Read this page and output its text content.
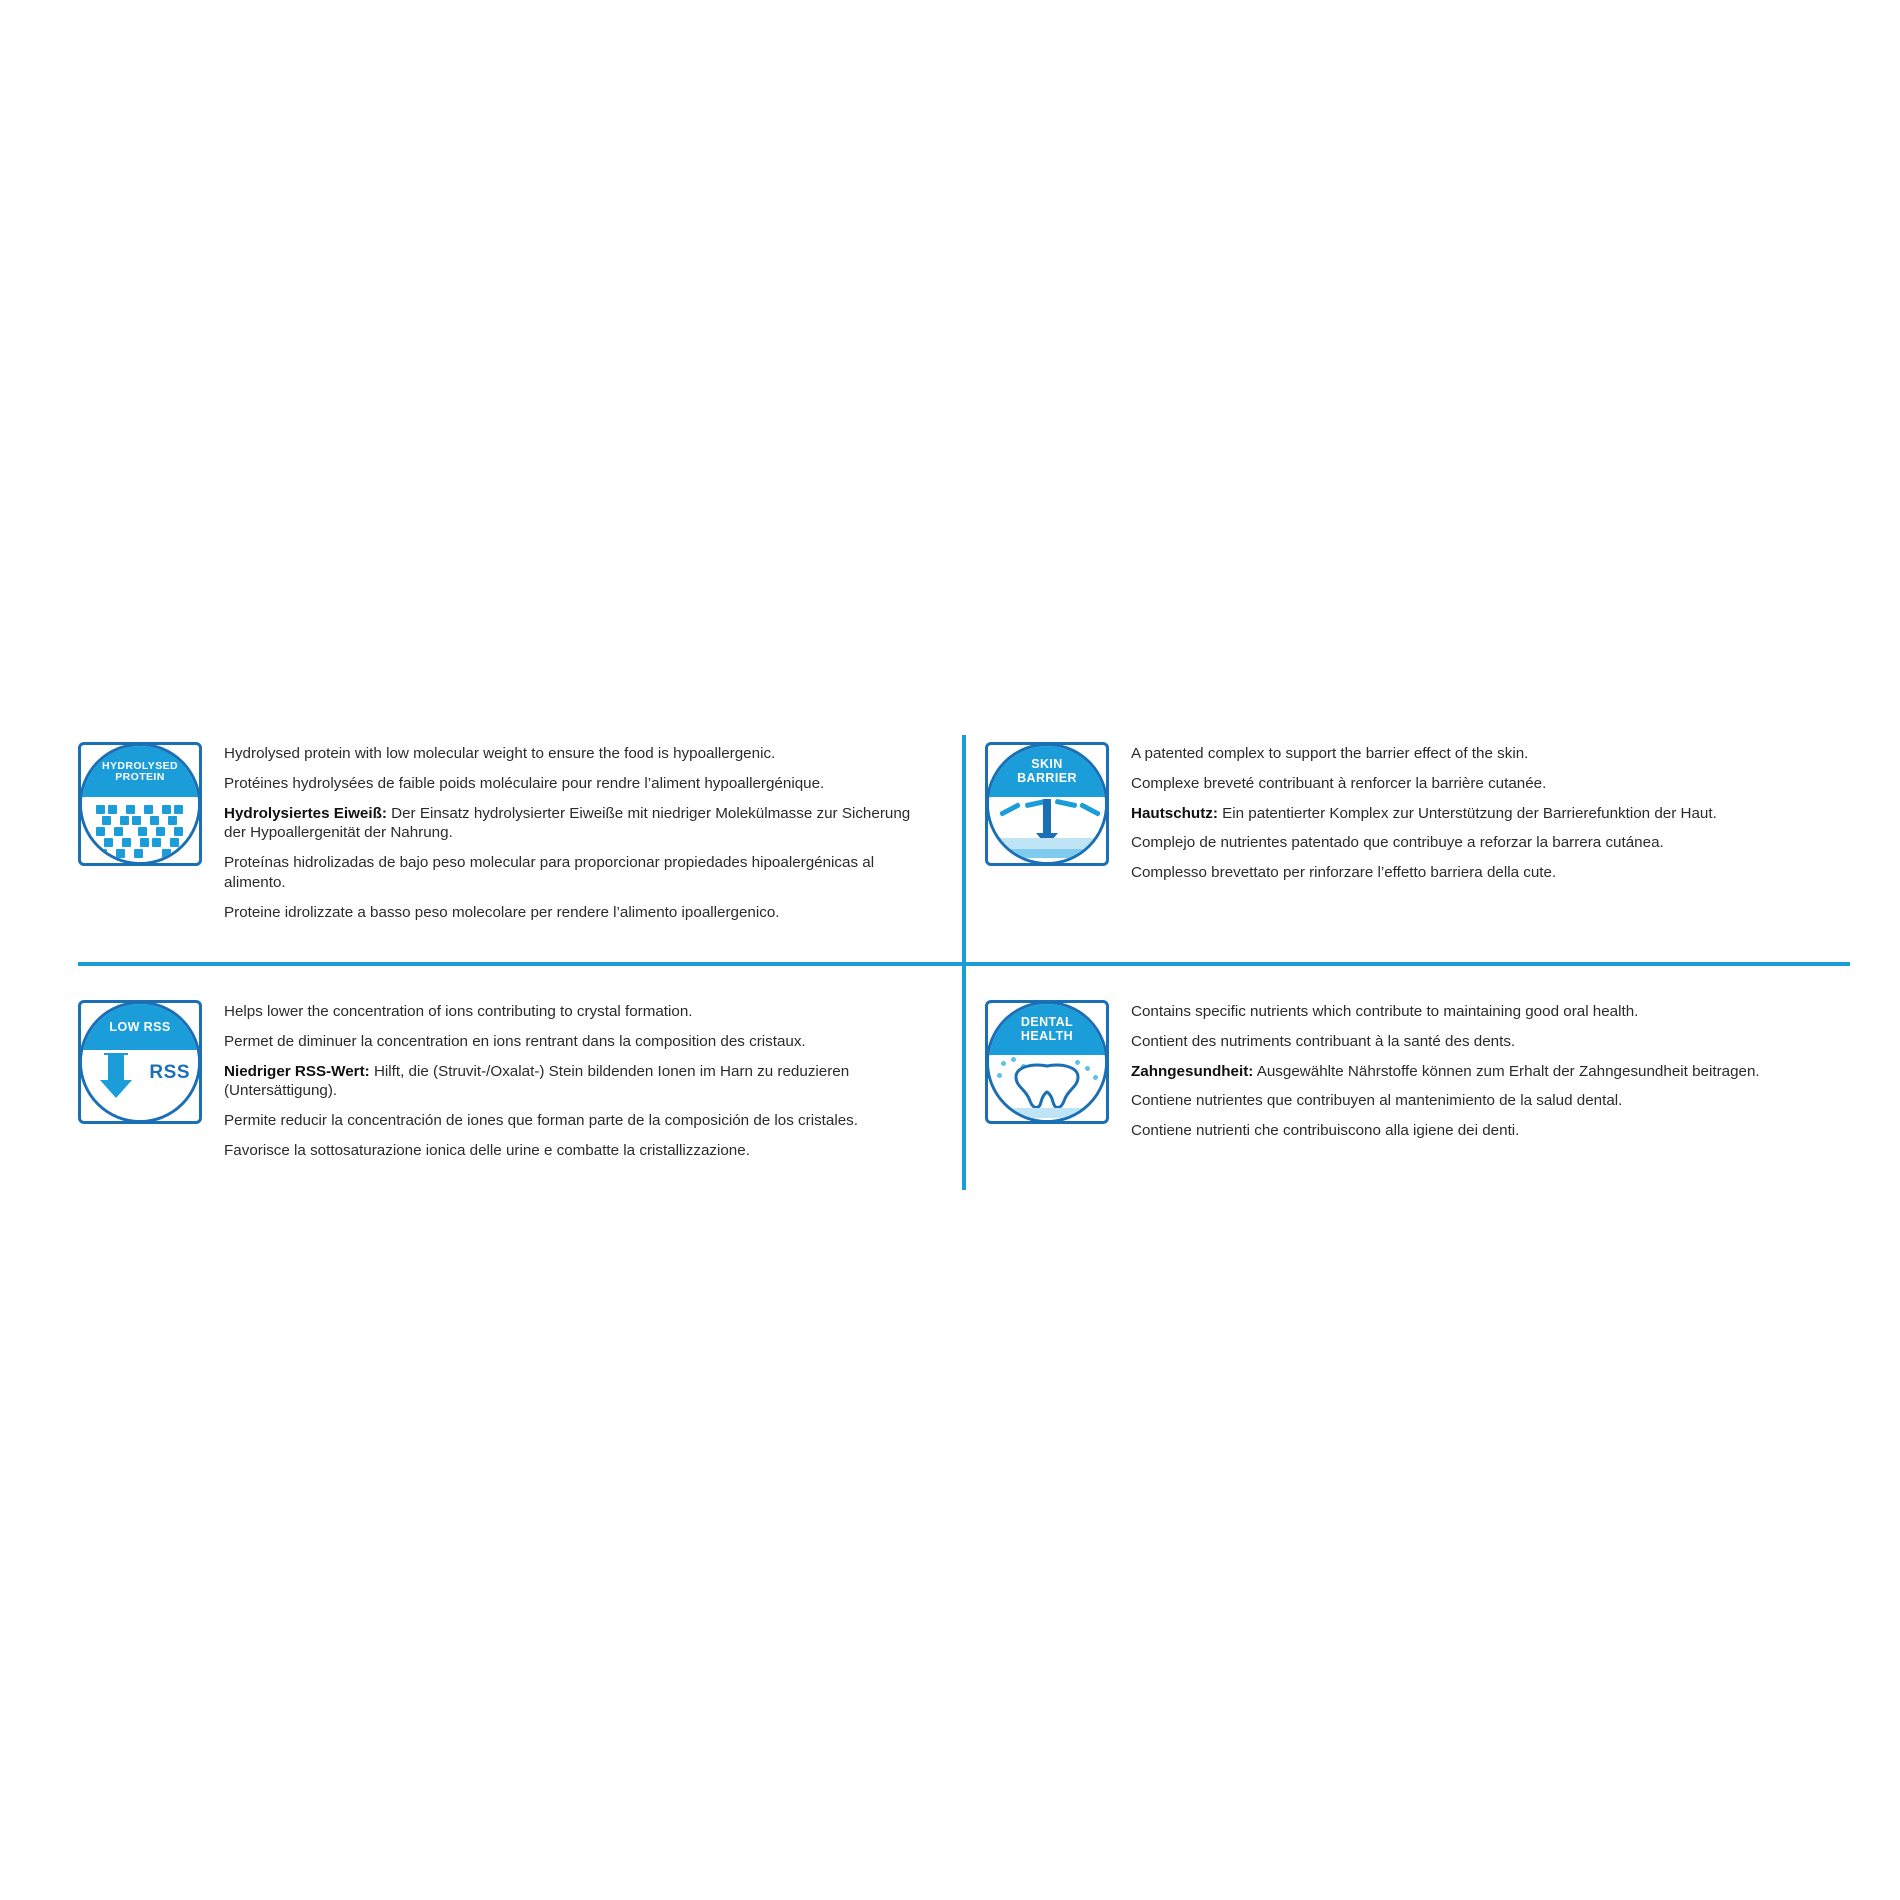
HYDROLYSED
PROTEIN
Hydrolysed protein with low molecular weight to ensure the food is hypoallergenic.
Protéines hydrolysées de faible poids moléculaire pour rendre l’aliment hypoallergénique.
Hydrolysiertes Eiweiß: Der Einsatz hydrolysierter Eiweiße mit niedriger Molekülmasse zur Sicherung der Hypoallergenität der Nahrung.
Proteínas hidrolizadas de bajo peso molecular para proporcionar propiedades hipoalergénicas al alimento.
Proteine idrolizzate a basso peso molecolare per rendere l’alimento ipoallergenico.
SKIN
BARRIER
A patented complex to support the barrier effect of the skin.
Complexe breveté contribuant à renforcer la barrière cutanée.
Hautschutz: Ein patentierter Komplex zur Unterstützung der Barrierefunktion der Haut.
Complejo de nutrientes patentado que contribuye a reforzar la barrera cutánea.
Complesso brevettato per rinforzare l’effetto barriera della cute.
LOW RSS
RSS
Helps lower the concentration of ions contributing to crystal formation.
Permet de diminuer la concentration en ions rentrant dans la composition des cristaux.
Niedriger RSS-Wert: Hilft, die (Struvit-/Oxalat-) Stein bildenden Ionen im Harn zu reduzieren (Untersättigung).
Permite reducir la concentración de iones que forman parte de la composición de los cristales.
Favorisce la sottosaturazione ionica delle urine e combatte la cristallizzazione.
DENTAL
HEALTH
Contains specific nutrients which contribute to maintaining good oral health.
Contient des nutriments contribuant à la santé des dents.
Zahngesundheit: Ausgewählte Nährstoffe können zum Erhalt der Zahngesundheit beitragen.
Contiene nutrientes que contribuyen al mantenimiento de la salud dental.
Contiene nutrienti che contribuiscono alla igiene dei denti.
